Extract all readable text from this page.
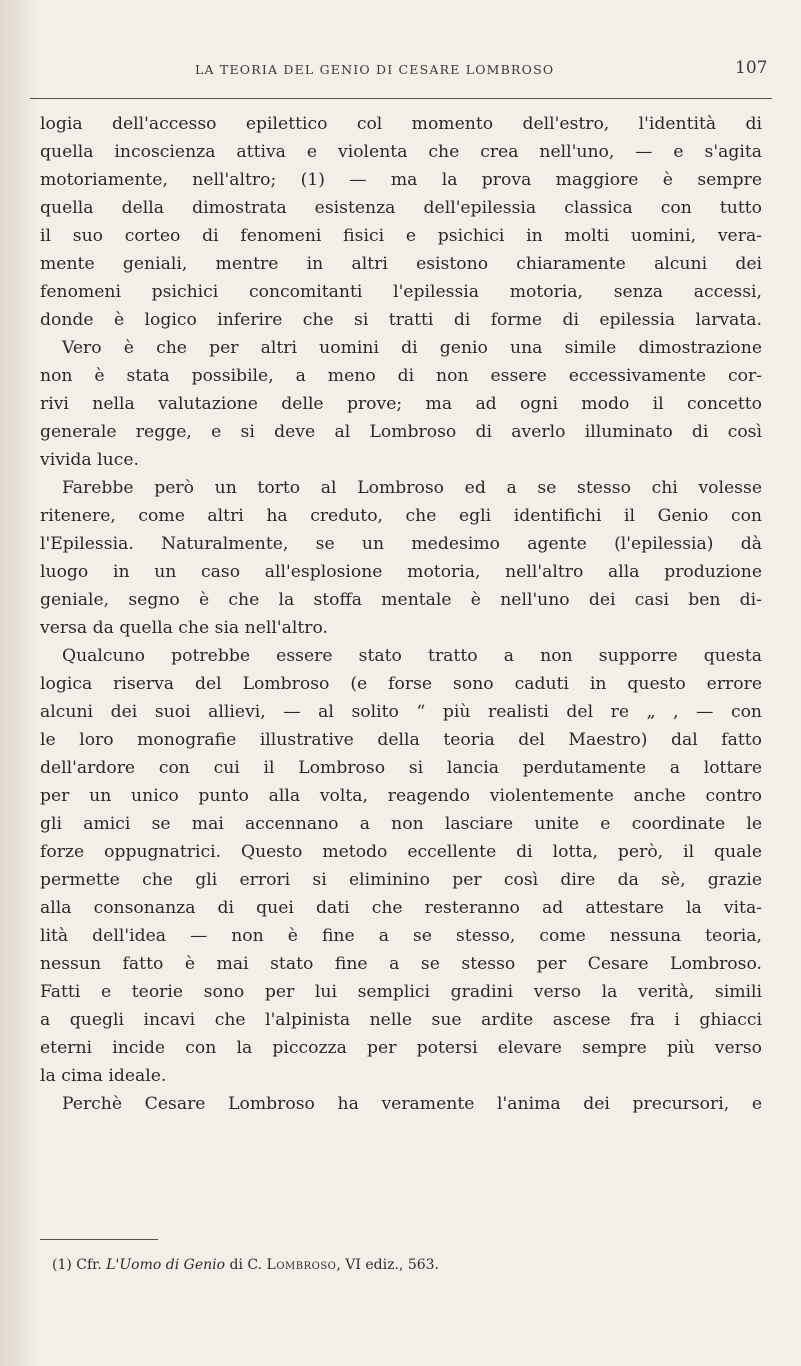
LA TEORIA DEL GENIO DI CESARE LOMBROSO	107
logia dell'accesso epilettico col momento dell'estro, l'identità di
quella incoscienza attiva e violenta che crea nell'uno, — e s'agita
motoriamente, nell'altro; (1) — ma la prova maggiore è sempre
quella della dimostrata esistenza dell'epilessia classica con tutto
il suo corteo di fenomeni fisici e psichici in molti uomini, vera-
mente geniali, mentre in altri esistono chiaramente alcuni dei
fenomeni psichici concomitanti l'epilessia motoria, senza accessi,
donde è logico inferire che si tratti di forme di epilessia larvata.
Vero è che per altri uomini di genio una simile dimostrazione
non è stata possibile, a meno di non essere eccessivamente cor-
rivi nella valutazione delle prove; ma ad ogni modo il concetto
generale regge, e si deve al Lombroso di averlo illuminato di così
vivida luce.
Farebbe però un torto al Lombroso ed a se stesso chi volesse
ritenere, come altri ha creduto, che egli identifichi il Genio con
l'Epilessia. Naturalmente, se un medesimo agente (l'epilessia) dà
luogo in un caso all'esplosione motoria, nell'altro alla produzione
geniale, segno è che la stoffa mentale è nell'uno dei casi ben di-
versa da quella che sia nell'altro.
Qualcuno potrebbe essere stato tratto a non supporre questa
logica riserva del Lombroso (e forse sono caduti in questo errore
alcuni dei suoi allievi, — al solito “ più realisti del re „ , — con
le loro monografie illustrative della teoria del Maestro) dal fatto
dell'ardore con cui il Lombroso si lancia perdutamente a lottare
per un unico punto alla volta, reagendo violentemente anche contro
gli amici se mai accennano a non lasciare unite e coordinate le
forze oppugnatrici. Questo metodo eccellente di lotta, però, il quale
permette che gli errori si eliminino per così dire da sè, grazie
alla consonanza di quei dati che resteranno ad attestare la vita-
lità dell'idea — non è fine a se stesso, come nessuna teoria,
nessun fatto è mai stato fine a se stesso per Cesare Lombroso.
Fatti e teorie sono per lui semplici gradini verso la verità, simili
a quegli incavi che l'alpinista nelle sue ardite ascese fra i ghiacci
eterni incide con la piccozza per potersi elevare sempre più verso
la cima ideale.
Perchè Cesare Lombroso ha veramente l'anima dei precursori, e
(1) Cfr. L'Uomo di Genio di C. Lombroso, VI ediz., 563.
